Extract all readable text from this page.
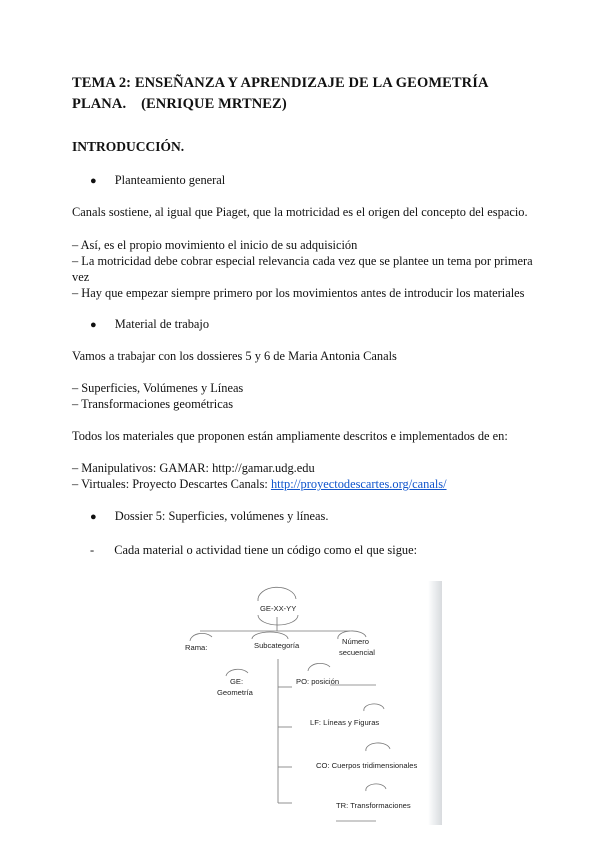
TEMA 2: ENSEÑANZA Y APRENDIZAJE DE LA GEOMETRÍA
PLANA.    (ENRIQUE MRTNEZ)
INTRODUCCIÓN.
● Planteamiento general
Canals sostiene, al igual que Piaget, que la motricidad es el origen del concepto del espacio.
– Así, es el propio movimiento el inicio de su adquisición
– La motricidad debe cobrar especial relevancia cada vez que se plantee un tema por primera
vez
– Hay que empezar siempre primero por los movimientos antes de introducir los materiales
● Material de trabajo
Vamos a trabajar con los dossieres 5 y 6 de Maria Antonia Canals
– Superficies, Volúmenes y Líneas
– Transformaciones geométricas
Todos los materiales que proponen están ampliamente descritos e implementados de en:
– Manipulativos: GAMAR: http://gamar.udg.edu
– Virtuales: Proyecto Descartes Canals: http://proyectodescartes.org/canals/
● Dossier 5: Superficies, volúmenes y líneas.
- Cada material o actividad tiene un código como el que sigue:
GE-XX-YY
Rama:	Subcategoría	Número
secuencial
GE:
Geometría
PO: posición
LF: Líneas y Figuras
CO: Cuerpos tridimensionales
TR: Transformaciones
